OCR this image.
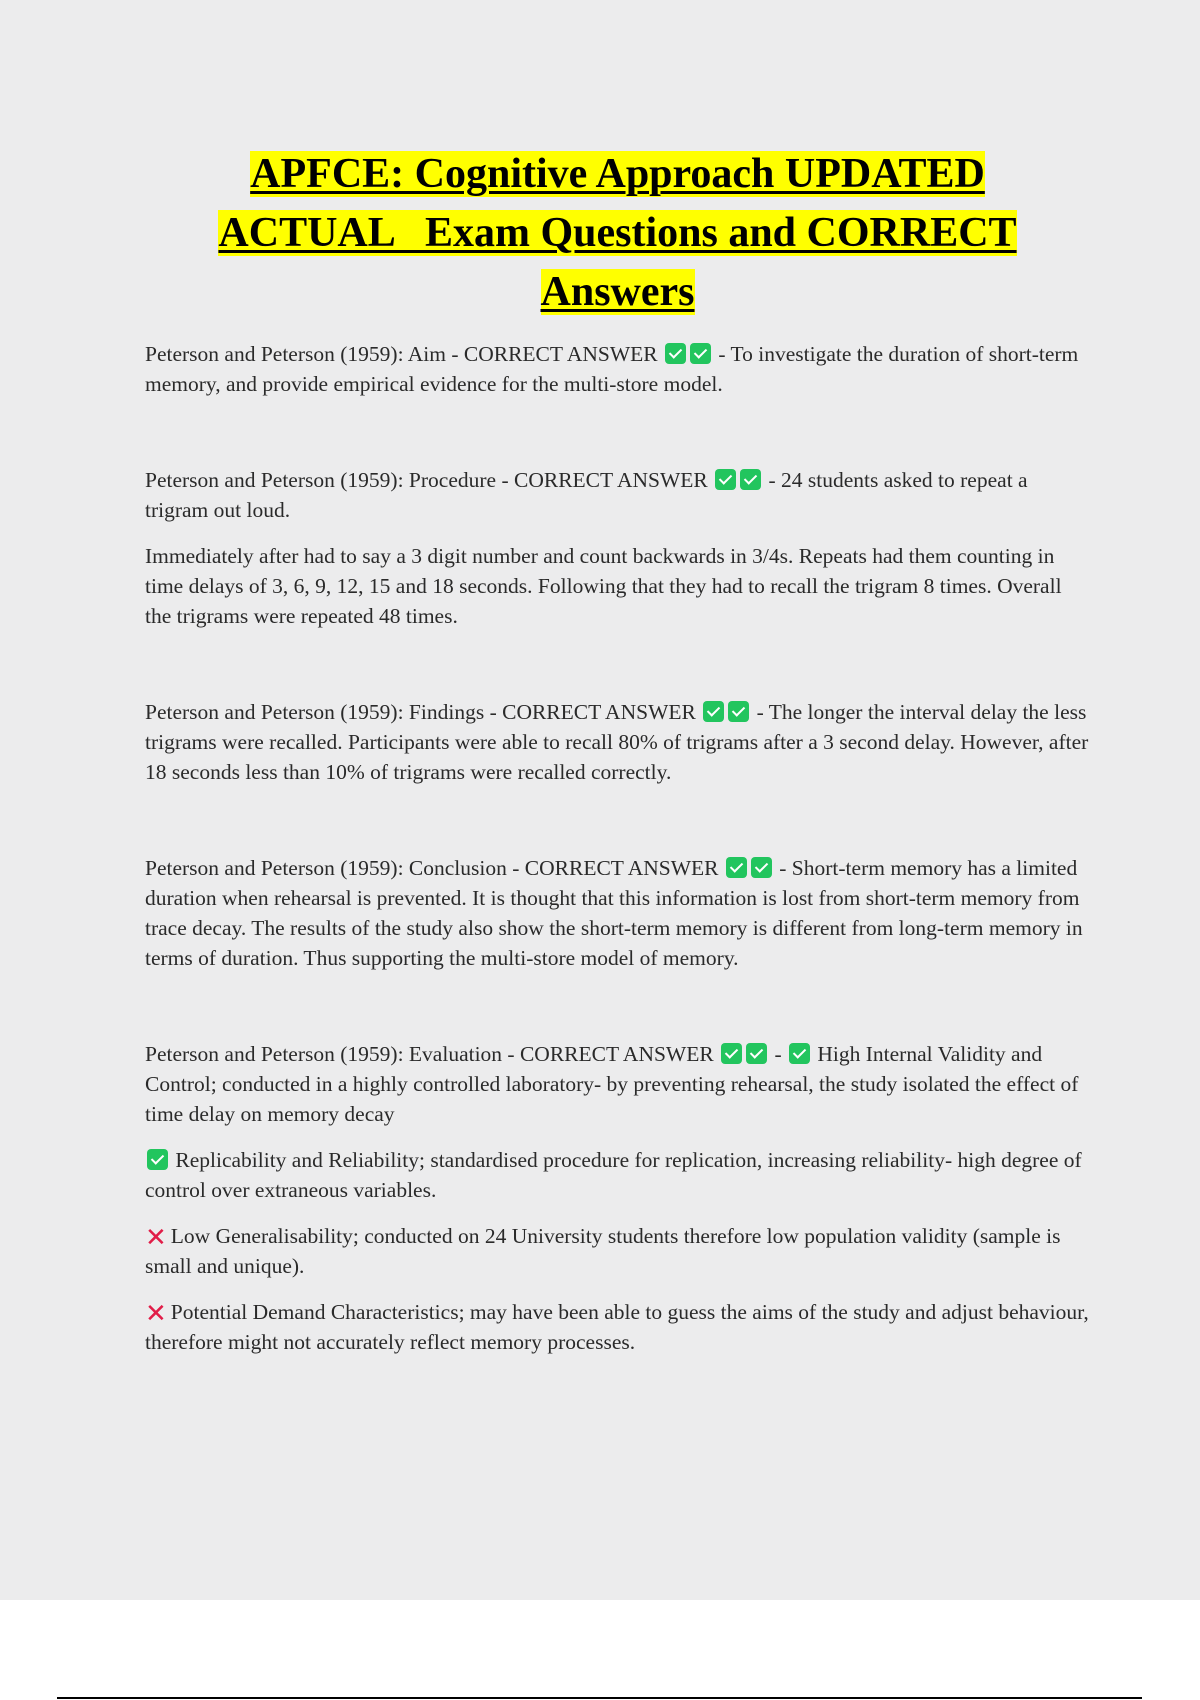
APFCE: Cognitive Approach UPDATED
ACTUAL   Exam Questions and CORRECT
Answers

Peterson and Peterson (1959): Aim - CORRECT ANSWER	- To investigate the duration of short-term memory, and provide empirical evidence for the multi-store model.

Peterson and Peterson (1959): Procedure - CORRECT ANSWER	- 24 students asked to repeat a trigram out loud.

Immediately after had to say a 3 digit number and count backwards in 3/4s. Repeats had them counting in time delays of 3, 6, 9, 12, 15 and 18 seconds. Following that they had to recall the trigram 8 times. Overall the trigrams were repeated 48 times.

Peterson and Peterson (1959): Findings - CORRECT ANSWER	- The longer the interval delay the less trigrams were recalled. Participants were able to recall 80% of trigrams after a 3 second delay. However, after 18 seconds less than 10% of trigrams were recalled correctly.

Peterson and Peterson (1959): Conclusion - CORRECT ANSWER	- Short-term memory has a limited duration when rehearsal is prevented. It is thought that this information is lost from short-term memory from trace decay. The results of the study also show the short-term memory is different from long-term memory in terms of duration. Thus supporting the multi-store model of memory.

Peterson and Peterson (1959): Evaluation - CORRECT ANSWER	- High Internal Validity and Control; conducted in a highly controlled laboratory- by preventing rehearsal, the study isolated the effect of time delay on memory decay

Replicability and Reliability; standardised procedure for replication, increasing reliability- high degree of control over extraneous variables.

✕ Low Generalisability; conducted on 24 University students therefore low population validity (sample is small and unique).

✕ Potential Demand Characteristics; may have been able to guess the aims of the study and adjust behaviour, therefore might not accurately reflect memory processes.
